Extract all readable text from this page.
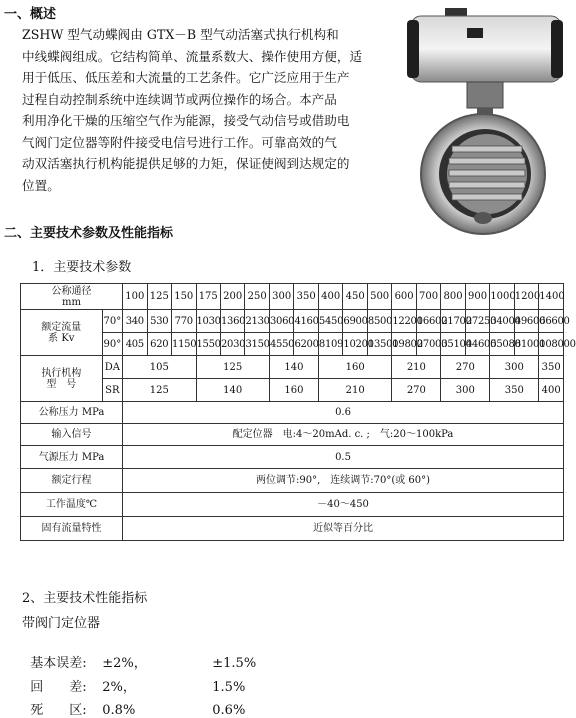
一、概述
ZSHW 型气动蝶阀由 GTX－B 型气动活塞式执行机构和
中线蝶阀组成。它结构简单、流量系数大、操作使用方便，适
用于低压、低压差和大流量的工艺条件。它广泛应用于生产
过程自动控制系统中连续调节或两位操作的场合。本产品
利用净化干燥的压缩空气作为能源，接受气动信号或借助电
气阀门定位器等附件接受电信号进行工作。可靠高效的气
动双活塞执行机构能提供足够的力矩，保证使阀到达规定的
位置。
二、主要技术参数及性能指标
1．主要技术参数
公称通径
mm		100	125	150	175	200	250	300	350	400	450	500	600	700	800	900	1000	1200	1400

额定流量
系 Kv	70°	340	530	770	1030	1360	2130	3060	4160	5450	6900	8500	12200	16600	21700	27250	34000	49600	66600
	90°	405	620	1150	1550	2030	3150	4550	6200	8109	10200	13500	19800	27000	35100	44600	55080	81000	108000

执行机构
型　号	DA	105			125			140		160			210		270		300		350
	SR	125			140			160		210			270		300		350		400
公称压力 MPa		0.6																	
输入信号		配定位器　电:4～20mAd. c. ;　气:20～100kPa																	
气源压力 MPa		0.5																	
额定行程		两位调节:90°,　连续调节:70°(或 60°)																	
工作温度℃		－40～450																	
固有流量特性		近似等百分比																	
2、主要技术性能指标
带阀门定位器

基本误差: ±2%，	±1.5%

回　　差: 2%，	1.5%

死　　区: 0.8%	0.6%
